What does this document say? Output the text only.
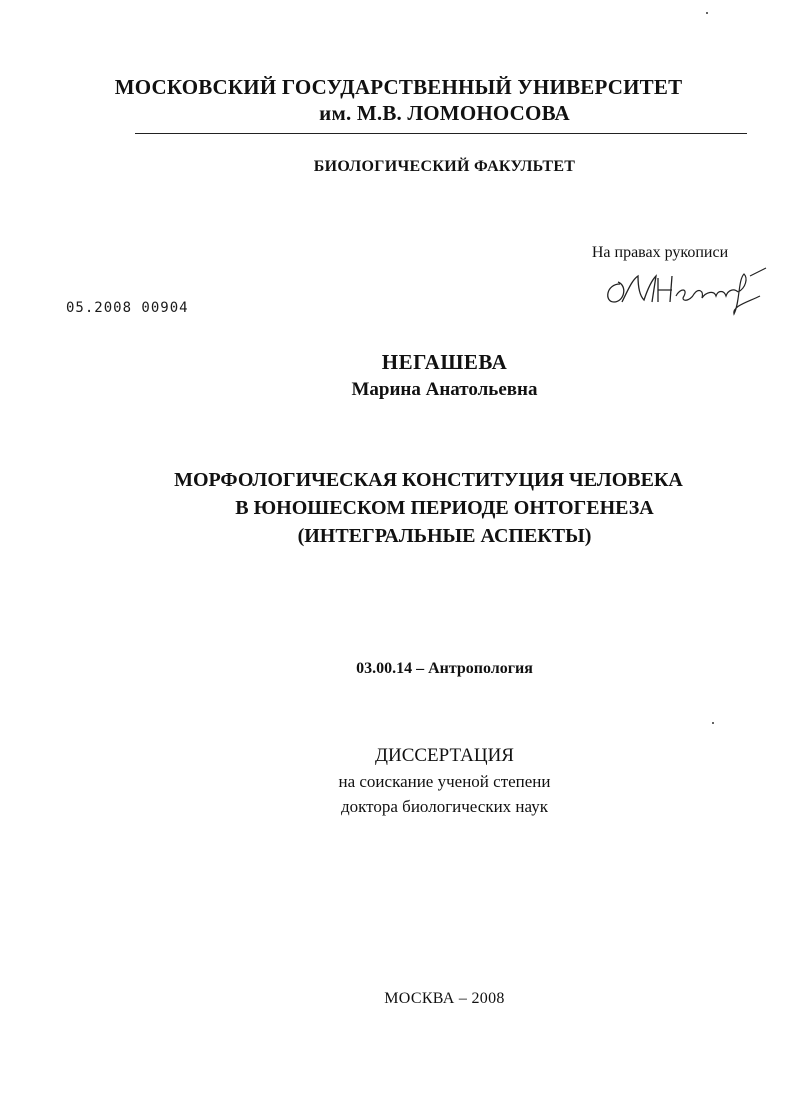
МОСКОВСКИЙ ГОСУДАРСТВЕННЫЙ УНИВЕРСИТЕТ
им. М.В. ЛОМОНОСОВА
БИОЛОГИЧЕСКИЙ ФАКУЛЬТЕТ
На правах рукописи
05.2008 00904
НЕГАШЕВА
Марина Анатольевна
МОРФОЛОГИЧЕСКАЯ КОНСТИТУЦИЯ ЧЕЛОВЕКА
В ЮНОШЕСКОМ ПЕРИОДЕ ОНТОГЕНЕЗА
(ИНТЕГРАЛЬНЫЕ АСПЕКТЫ)
03.00.14 – Антропология
ДИССЕРТАЦИЯ
на соискание ученой степени
доктора биологических наук
МОСКВА – 2008
